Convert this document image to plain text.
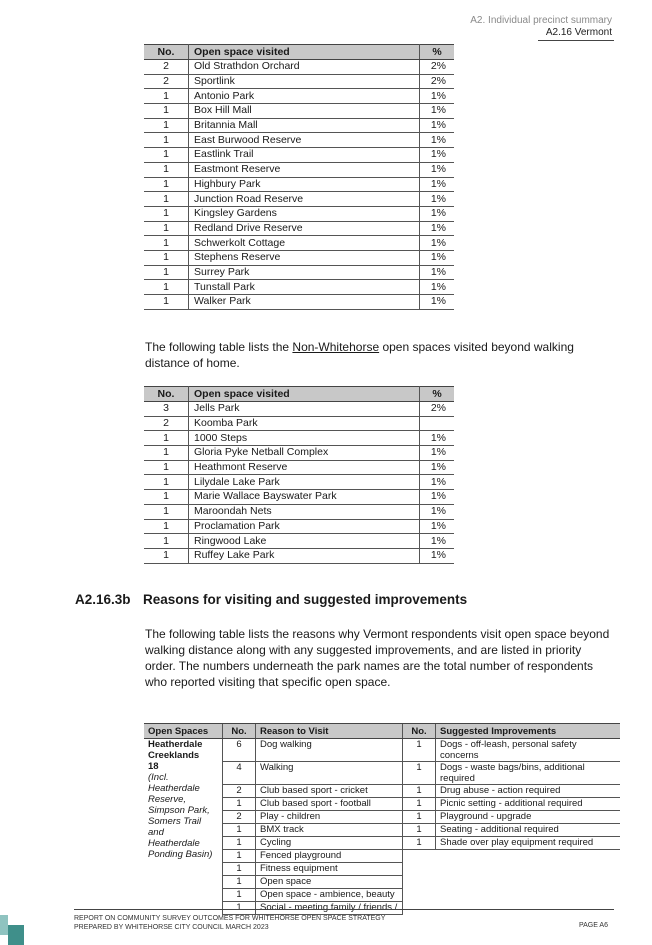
A2. Individual precinct summary
A2.16 Vermont
No.	Open space visited	%
2	Old Strathdon Orchard	2%
2	Sportlink	2%
1	Antonio Park	1%
1	Box Hill Mall	1%
1	Britannia Mall	1%
1	East Burwood Reserve	1%
1	Eastlink Trail	1%
1	Eastmont Reserve	1%
1	Highbury Park	1%
1	Junction Road Reserve	1%
1	Kingsley Gardens	1%
1	Redland Drive Reserve	1%
1	Schwerkolt Cottage	1%
1	Stephens Reserve	1%
1	Surrey Park	1%
1	Tunstall Park	1%
1	Walker Park	1%
The following table lists the Non-Whitehorse open spaces visited beyond walking distance of home.
No.	Open space visited	%
3	Jells Park	2%
2	Koomba Park	
1	1000 Steps	1%
1	Gloria Pyke Netball Complex	1%
1	Heathmont Reserve	1%
1	Lilydale Lake Park	1%
1	Marie Wallace Bayswater Park	1%
1	Maroondah Nets	1%
1	Proclamation Park	1%
1	Ringwood Lake	1%
1	Ruffey Lake Park	1%
A2.16.3b Reasons for visiting and suggested improvements
The following table lists the reasons why Vermont respondents visit open space beyond walking distance along with any suggested improvements, and are listed in priority order. The numbers underneath the park names are the total number of respondents who reported visiting that specific open space.
Open Spaces	No.	Reason to Visit	No.	Suggested Improvements

Heatherdale Creeklands
18
(Incl. Heatherdale Reserve, Simpson Park, Somers Trail and Heatherdale Ponding Basin)	6	Dog walking	1	Dogs - off-leash, personal safety concerns
	4	Walking	1	Dogs - waste bags/bins, additional required
	2	Club based sport - cricket	1	Drug abuse - action required
	1	Club based sport - football	1	Picnic setting - additional required
	2	Play - children	1	Playground - upgrade
	1	BMX track	1	Seating - additional required
	1	Cycling	1	Shade over play equipment required
	1	Fenced playground		
	1	Fitness equipment		
	1	Open space		
	1	Open space - ambience, beauty		
	1	Social - meeting family / friends /		
REPORT ON COMMUNITY SURVEY OUTCOMES FOR WHITEHORSE OPEN SPACE STRATEGY
PREPARED BY WHITEHORSE CITY COUNCIL MARCH 2023	PAGE A6
